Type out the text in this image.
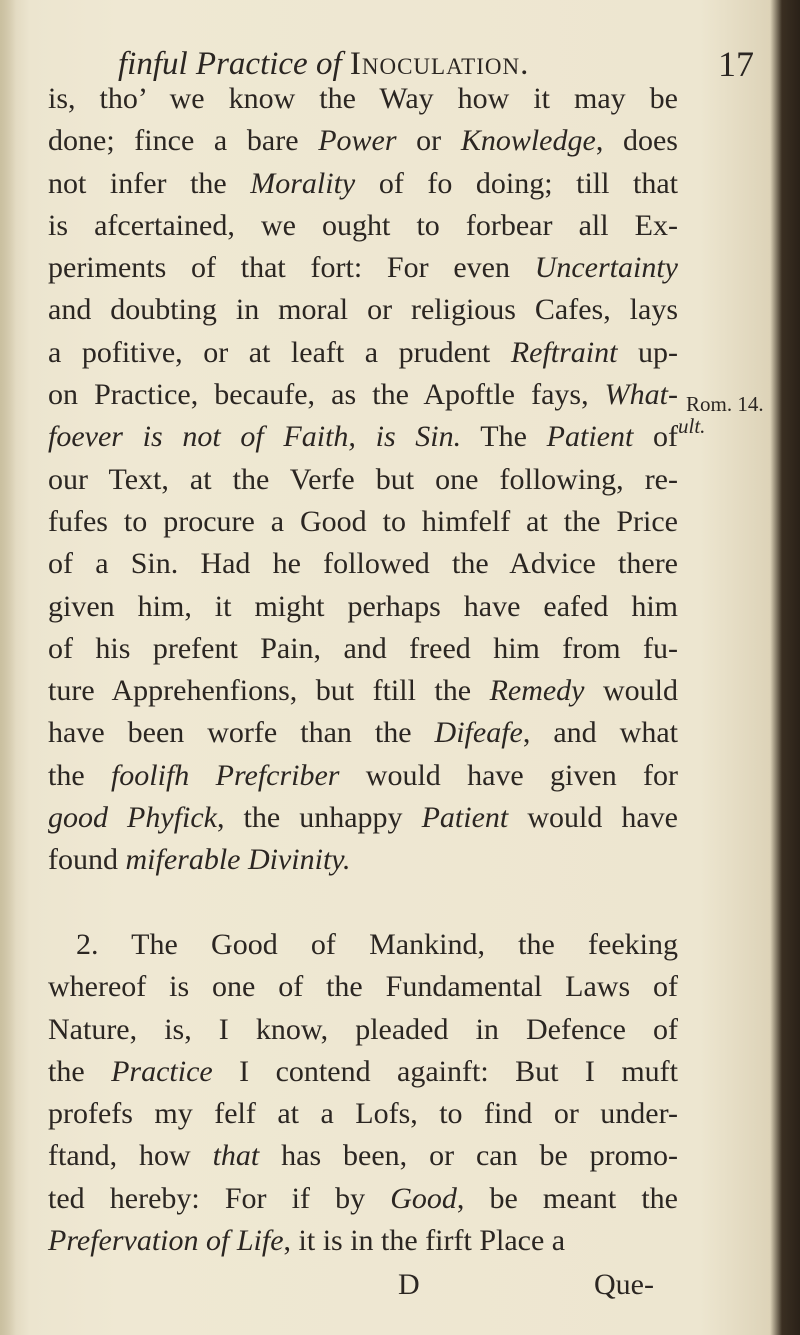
finful Practice of Inoculation.	17
is, tho’ we know the Way how it may be
done; fince a bare Power or Knowledge, does
not infer the Morality of fo doing; till that
is afcertained, we ought to forbear all Ex-
periments of that fort: For even Uncertainty
and doubting in moral or religious Cafes, lays
a pofitive, or at leaft a prudent Reftraint up-
on Practice, becaufe, as the Apoftle fays, What-
foever is not of Faith, is Sin. The Patient of
our Text, at the Verfe but one following, re-
fufes to procure a Good to himfelf at the Price
of a Sin. Had he followed the Advice there
given him, it might perhaps have eafed him
of his prefent Pain, and freed him from fu-
ture Apprehenfions, but ftill the Remedy would
have been worfe than the Difeafe, and what
the foolifh Prefcriber would have given for
good Phyfick, the unhappy Patient would have
found miferable Divinity.
2. The Good of Mankind, the feeking
whereof is one of the Fundamental Laws of
Nature, is, I know, pleaded in Defence of
the Practice I contend againft: But I muft
profefs my felf at a Lofs, to find or under-
ftand, how that has been, or can be promo-
ted hereby: For if by Good, be meant the
Prefervation of Life, it is in the firft Place a
Rom. 14.
ult.
D	Que-
